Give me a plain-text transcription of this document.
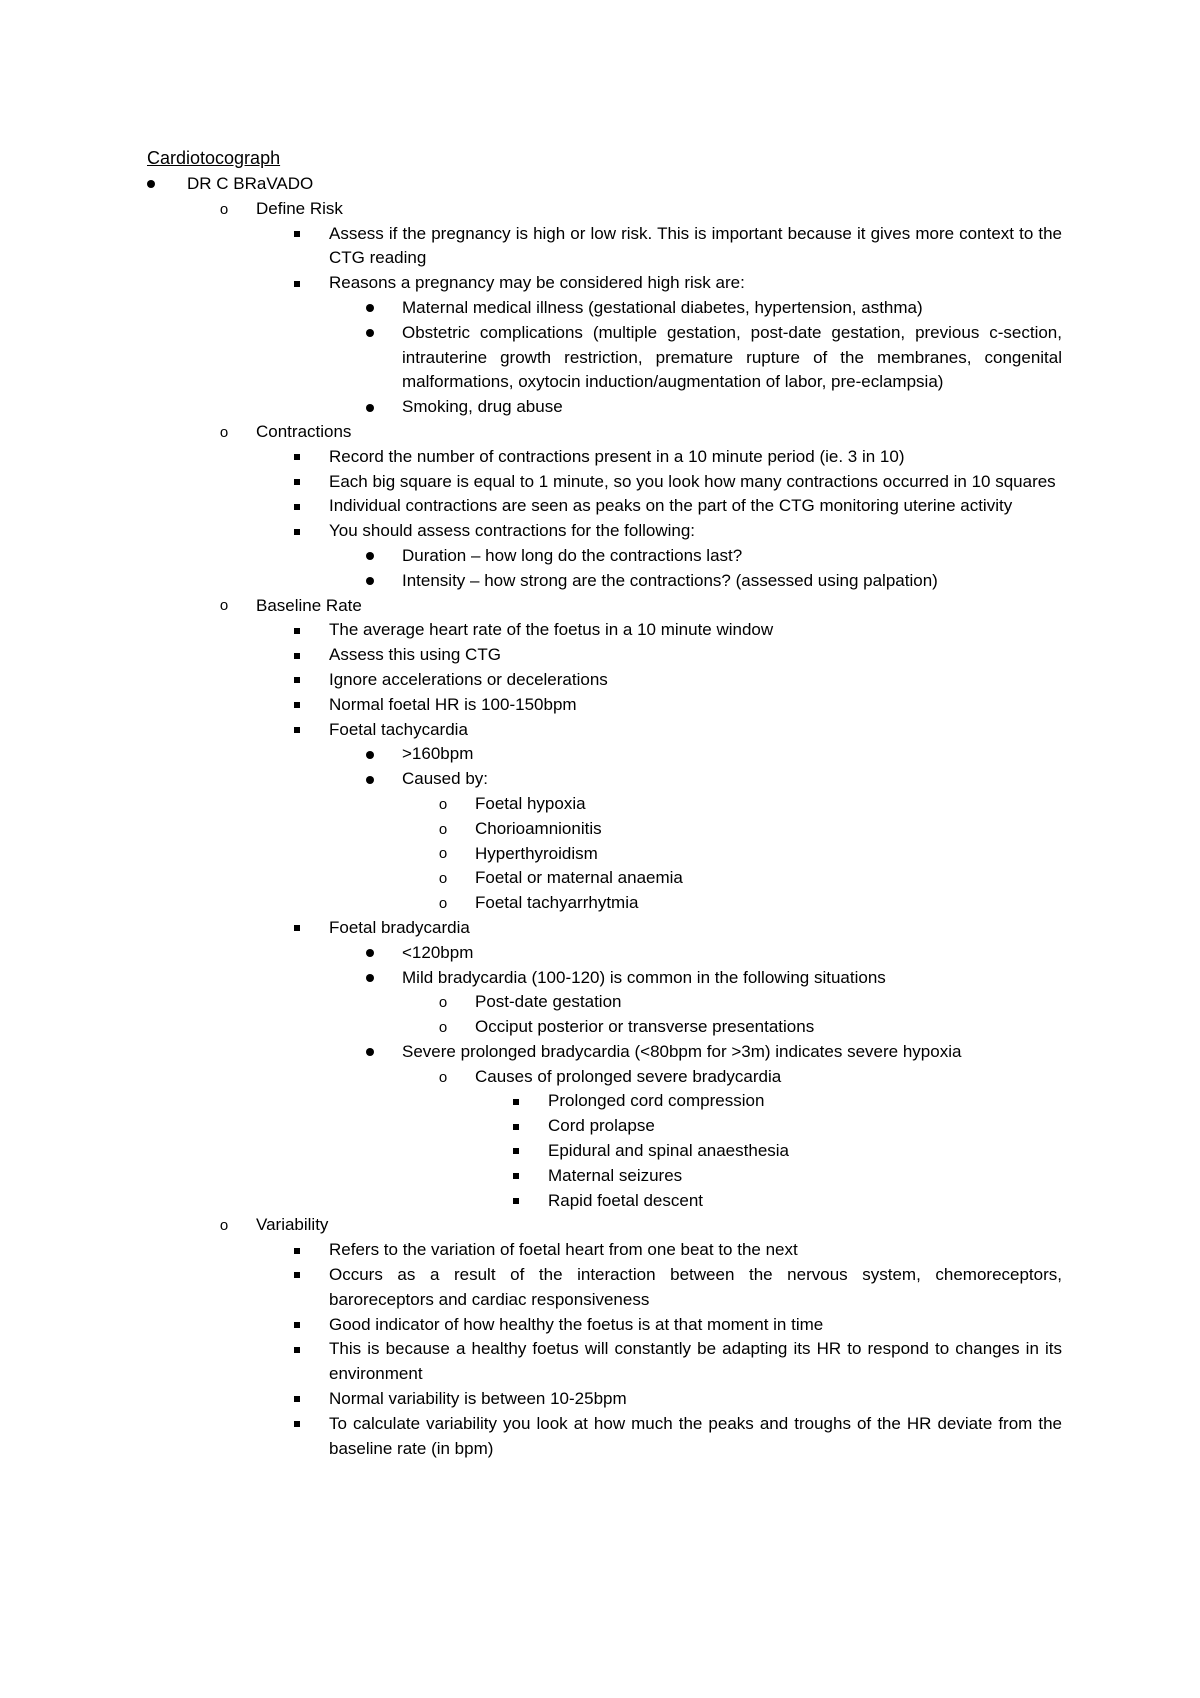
Cardiotocograph
DR C BRaVADO
o Define Risk
Assess if the pregnancy is high or low risk. This is important because it gives more context to the CTG reading
Reasons a pregnancy may be considered high risk are:
Maternal medical illness (gestational diabetes, hypertension, asthma)
Obstetric complications (multiple gestation, post-date gestation, previous c-section, intrauterine growth restriction, premature rupture of the membranes, congenital malformations, oxytocin induction/augmentation of labor, pre-eclampsia)
Smoking, drug abuse
o Contractions
Record the number of contractions present in a 10 minute period (ie. 3 in 10)
Each big square is equal to 1 minute, so you look how many contractions occurred in 10 squares
Individual contractions are seen as peaks on the part of the CTG monitoring uterine activity
You should assess contractions for the following:
Duration – how long do the contractions last?
Intensity – how strong are the contractions? (assessed using palpation)
o Baseline Rate
The average heart rate of the foetus in a 10 minute window
Assess this using CTG
Ignore accelerations or decelerations
Normal foetal HR is 100-150bpm
Foetal tachycardia
>160bpm
Caused by:
o Foetal hypoxia
o Chorioamnionitis
o Hyperthyroidism
o Foetal or maternal anaemia
o Foetal tachyarrhytmia
Foetal bradycardia
<120bpm
Mild bradycardia (100-120) is common in the following situations
o Post-date gestation
o Occiput posterior or transverse presentations
Severe prolonged bradycardia (<80bpm for >3m) indicates severe hypoxia
o Causes of prolonged severe bradycardia
Prolonged cord compression
Cord prolapse
Epidural and spinal anaesthesia
Maternal seizures
Rapid foetal descent
o Variability
Refers to the variation of foetal heart from one beat to the next
Occurs as a result of the interaction between the nervous system, chemoreceptors, baroreceptors and cardiac responsiveness
Good indicator of how healthy the foetus is at that moment in time
This is because a healthy foetus will constantly be adapting its HR to respond to changes in its environment
Normal variability is between 10-25bpm
To calculate variability you look at how much the peaks and troughs of the HR deviate from the baseline rate (in bpm)
